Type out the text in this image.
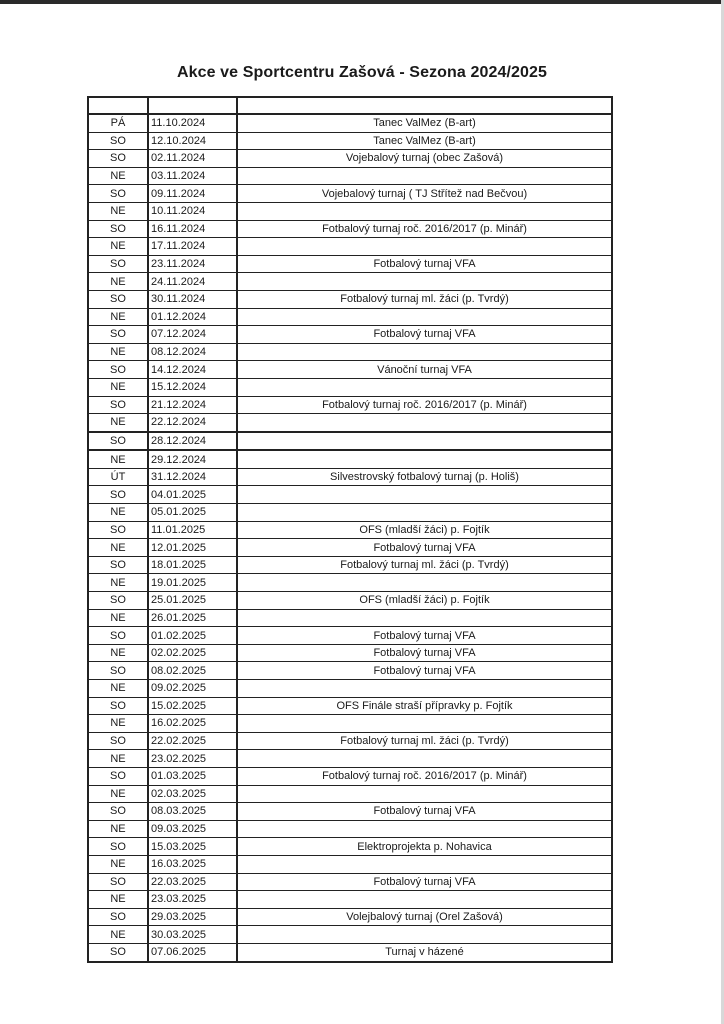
Akce ve Sportcentru Zašová - Sezona 2024/2025

PÁ	11.10.2024	Tanec ValMez (B-art)
SO	12.10.2024	Tanec ValMez (B-art)
SO	02.11.2024	Vojebalový turnaj (obec Zašová)
NE	03.11.2024	
SO	09.11.2024	Vojebalový turnaj ( TJ Střítež nad Bečvou)
NE	10.11.2024	
SO	16.11.2024	Fotbalový turnaj roč. 2016/2017 (p. Minář)
NE	17.11.2024	
SO	23.11.2024	Fotbalový turnaj VFA
NE	24.11.2024	
SO	30.11.2024	Fotbalový turnaj ml. žáci (p. Tvrdý)
NE	01.12.2024	
SO	07.12.2024	Fotbalový turnaj VFA
NE	08.12.2024	
SO	14.12.2024	Vánoční turnaj VFA
NE	15.12.2024	
SO	21.12.2024	Fotbalový turnaj roč. 2016/2017 (p. Minář)
NE	22.12.2024	
SO	28.12.2024	
NE	29.12.2024	
ÚT	31.12.2024	Silvestrovský fotbalový turnaj (p. Holiš)
SO	04.01.2025	
NE	05.01.2025	
SO	11.01.2025	OFS (mladší žáci) p. Fojtík
NE	12.01.2025	Fotbalový turnaj VFA
SO	18.01.2025	Fotbalový turnaj ml. žáci (p. Tvrdý)
NE	19.01.2025	
SO	25.01.2025	OFS (mladší žáci) p. Fojtík
NE	26.01.2025	
SO	01.02.2025	Fotbalový turnaj VFA
NE	02.02.2025	Fotbalový turnaj VFA
SO	08.02.2025	Fotbalový turnaj VFA
NE	09.02.2025	
SO	15.02.2025	OFS Finále straší přípravky p. Fojtík
NE	16.02.2025	
SO	22.02.2025	Fotbalový turnaj ml. žáci (p. Tvrdý)
NE	23.02.2025	
SO	01.03.2025	Fotbalový turnaj roč. 2016/2017 (p. Minář)
NE	02.03.2025	
SO	08.03.2025	Fotbalový turnaj VFA
NE	09.03.2025	
SO	15.03.2025	Elektroprojekta p. Nohavica
NE	16.03.2025	
SO	22.03.2025	Fotbalový turnaj VFA
NE	23.03.2025	
SO	29.03.2025	Volejbalový turnaj (Orel Zašová)
NE	30.03.2025	
SO	07.06.2025	Turnaj v házené
